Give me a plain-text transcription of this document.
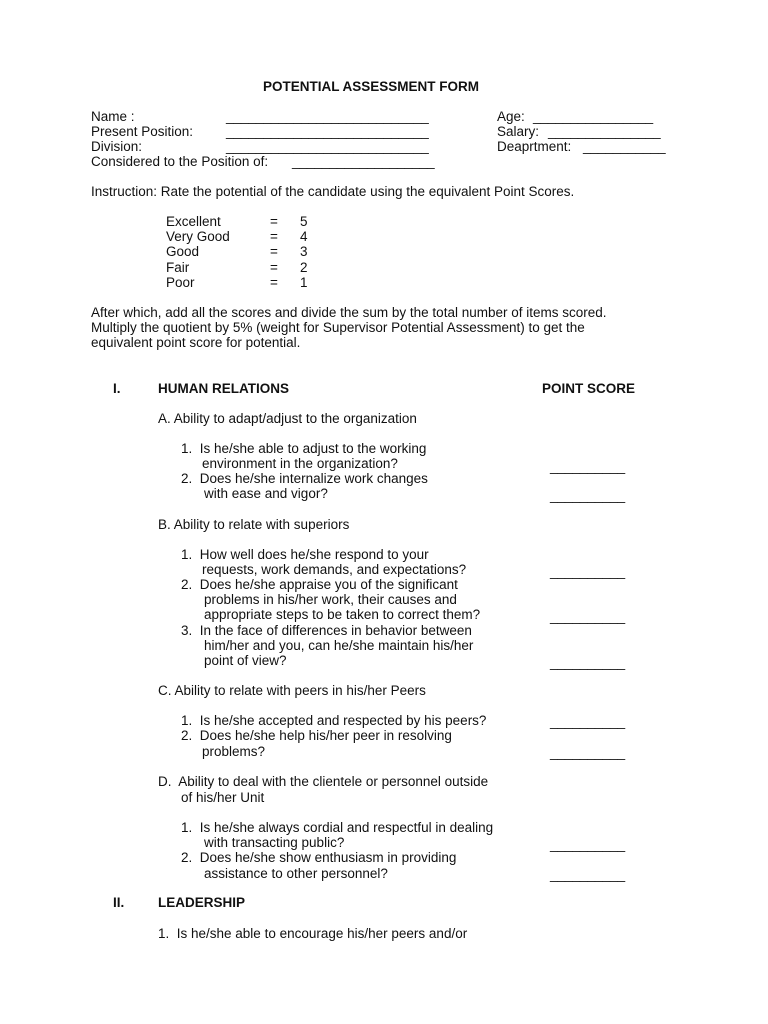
POTENTIAL ASSESSMENT FORM
Name :	___________________________	Age: ________________
Present Position: ___________________________	Salary: _______________
Division:	___________________________	Deaprtment: ___________
Considered to the Position of: ___________________
Instruction: Rate the potential of the candidate using the equivalent Point Scores.
Excellent	= 5
Very Good	= 4
Good	= 3
Fair	= 2
Poor	= 1
After which, add all the scores and divide the sum by the total number of items scored.
Multiply the quotient by 5% (weight for Supervisor Potential Assessment) to get the
equivalent point score for potential.
I.	HUMAN RELATIONS	POINT SCORE
A. Ability to adapt/adjust to the organization
1.  Is he/she able to adjust to the working
environment in the organization?	__________
2.  Does he/she internalize work changes
with ease and vigor?	__________
B. Ability to relate with superiors
1.  How well does he/she respond to your
requests, work demands, and expectations?	__________
2.  Does he/she appraise you of the significant
problems in his/her work, their causes and
appropriate steps to be taken to correct them?	__________
3.  In the face of differences in behavior between
him/her and you, can he/she maintain his/her
point of view?	__________
C. Ability to relate with peers in his/her Peers
1.  Is he/she accepted and respected by his peers?	__________
2.  Does he/she help his/her peer in resolving
problems?	__________
D.  Ability to deal with the clientele or personnel outside
of his/her Unit
1.  Is he/she always cordial and respectful in dealing
with transacting public?	__________
2.  Does he/she show enthusiasm in providing
assistance to other personnel?	__________
II. LEADERSHIP
1.  Is he/she able to encourage his/her peers and/or
